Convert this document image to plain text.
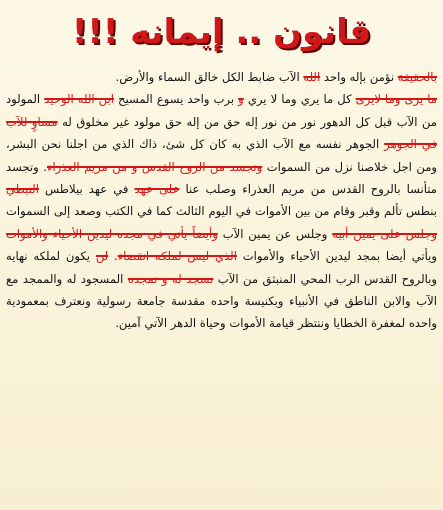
قانون .. إيمانه !!!

بالحقيقة نؤمن بإله واحد الله الآب ضابط الكل خالق السماء والأرض.

ما يرى وما لايرى كل ما يري وما لا يري و برب واحد يسوع المسيح ابن الله الوحيد المولود من الآب قبل كل الدهور نور من نور إله حق من إله حق مولود غير مخلوق له مساوٍ للآب في الجوهر الجوهر نفسه مع الآب الذي به كان كل شئ، ذاك الذي من اجلنا نحن البشر، ومن اجل خلاصنا نزل من السموات وتجسد من الروح القدس و من مريم العذراء. وتجسد متأنسا بالروح القدس من مريم العذراء وصلب عنا على عهد في عهد بيلاطس النبطي بنطس تألم وقبر وقام من بين الأموات في اليوم الثالث كما في الكتب وصعد إلى السموات وجلس على يمين أبيه وجلس عن يمين الآب وأيضاً يأتي في مجده ليدين الأحياء والأموات ويأتي أيضا بمجد ليدين الأحياء والأموات الذي ليس لملكه انقضاء. لن يكون لملكه نهايه وبالروح القدس الرب المحي المنبثق من الآب نسجد له و نمجده المسجود له والممجد مع الآب والابن الناطق في الأنبياء وبكنيسة واحده مقدسة جامعة رسولية ونعترف بمعمودية واحده لمغفرة الخطايا وننتظر قيامة الأموات وحياة الدهر الآتي آمين.
